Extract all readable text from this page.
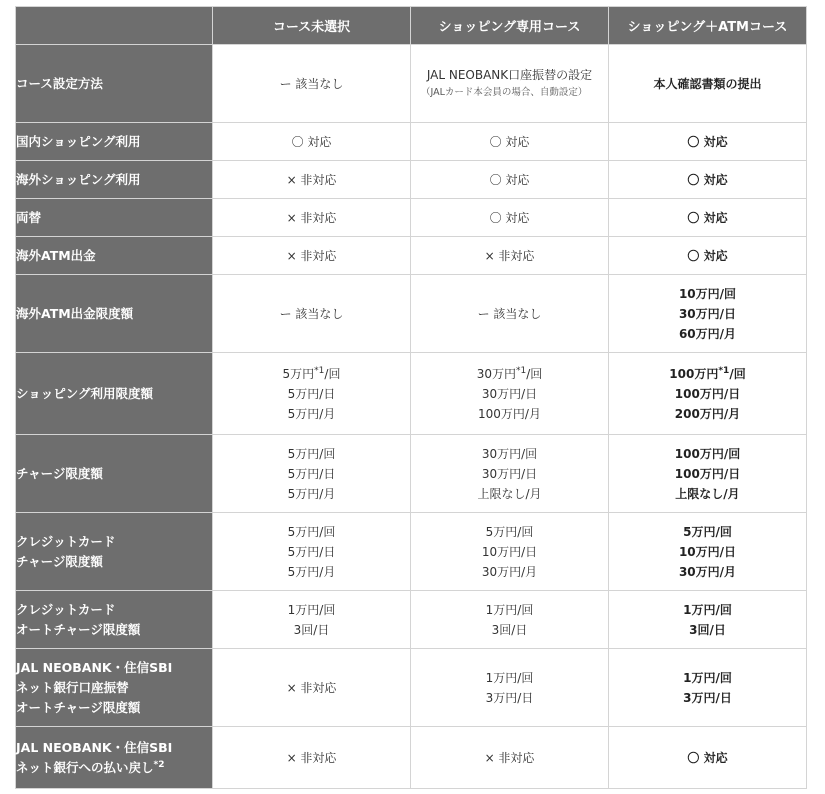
	コース未選択	ショッピング専用コース	ショッピング＋ATMコース

コース設定方法	ー 該当なし	JAL NEOBANK口座振替の設定
（JALカード本会員の場合、自動設定）	本人確認書類の提出

国内ショッピング利用	〇 対応	〇 対応	〇 対応

海外ショッピング利用	× 非対応	〇 対応	〇 対応

両替	× 非対応	〇 対応	〇 対応

海外ATM出金	× 非対応	× 非対応	〇 対応

海外ATM出金限度額	ー 該当なし	ー 該当なし	10万円/回
30万円/日
60万円/月

ショッピング利用限度額	5万円$^{*1}$/回
5万円/日
5万円/月	30万円$^{*1}$/回
30万円/日
100万円/月	100万円$^{*1}$/回
100万円/日
200万円/月

チャージ限度額	5万円/回
5万円/日
5万円/月	30万円/回
30万円/日
上限なし/月	100万円/回
100万円/日
上限なし/月

クレジットカード
チャージ限度額	5万円/回
5万円/日
5万円/月	5万円/回
10万円/日
30万円/月	5万円/回
10万円/日
30万円/月

クレジットカード
オートチャージ限度額	1万円/回
3回/日	1万円/回
3回/日	1万円/回
3回/日

JAL NEOBANK・住信SBI
ネット銀行口座振替
オートチャージ限度額	× 非対応	1万円/回
3万円/日	1万円/回
3万円/日

JAL NEOBANK・住信SBI
ネット銀行への払い戻し$^{*2}$	× 非対応	× 非対応	〇 対応
